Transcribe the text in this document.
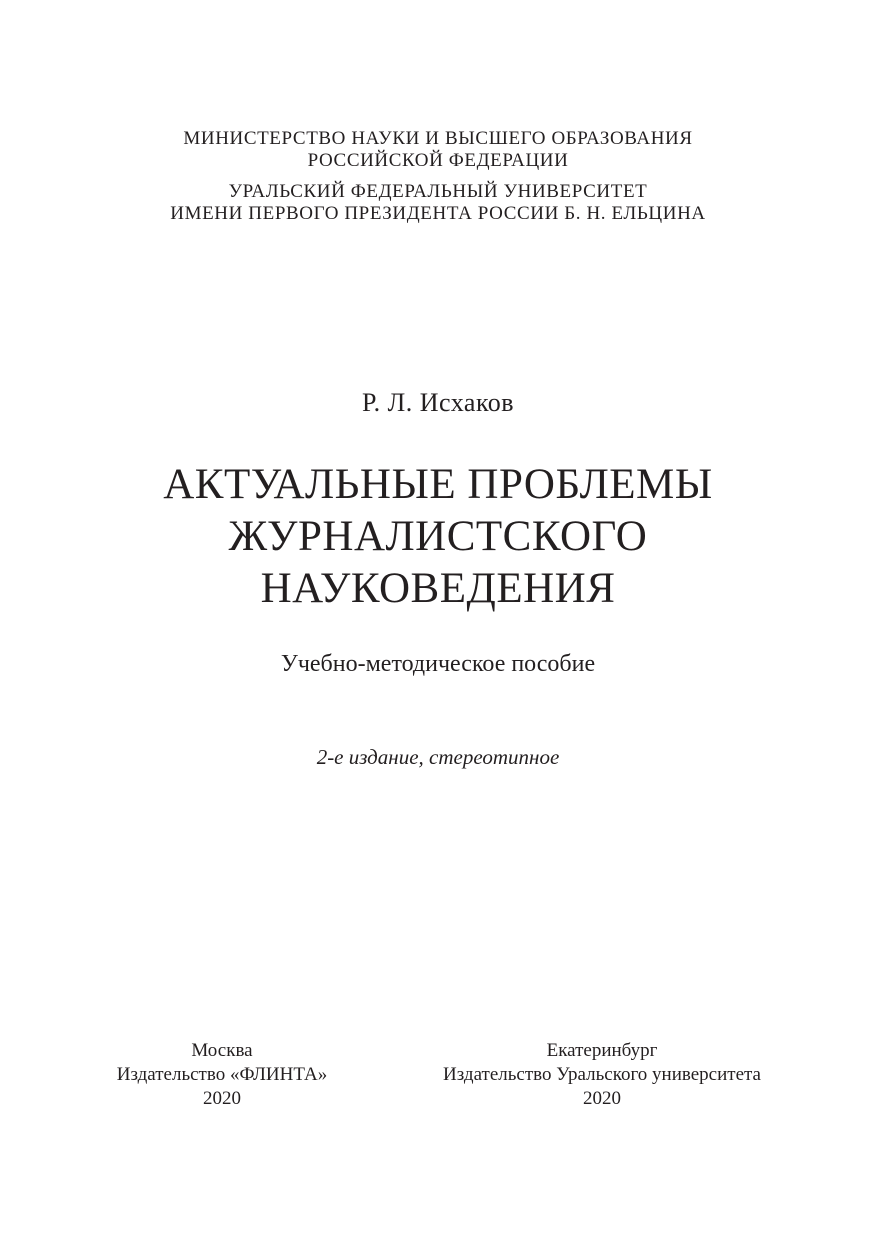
МИНИСТЕРСТВО НАУКИ И ВЫСШЕГО ОБРАЗОВАНИЯ
РОССИЙСКОЙ ФЕДЕРАЦИИ
УРАЛЬСКИЙ ФЕДЕРАЛЬНЫЙ УНИВЕРСИТЕТ
ИМЕНИ ПЕРВОГО ПРЕЗИДЕНТА РОССИИ Б. Н. ЕЛЬЦИНА
Р. Л. Исхаков
АКТУАЛЬНЫЕ ПРОБЛЕМЫ
ЖУРНАЛИСТСКОГО
НАУКОВЕДЕНИЯ
Учебно-методическое пособие
2-е издание, стереотипное
Москва
Издательство «ФЛИНТА»
2020
Екатеринбург
Издательство Уральского университета
2020
